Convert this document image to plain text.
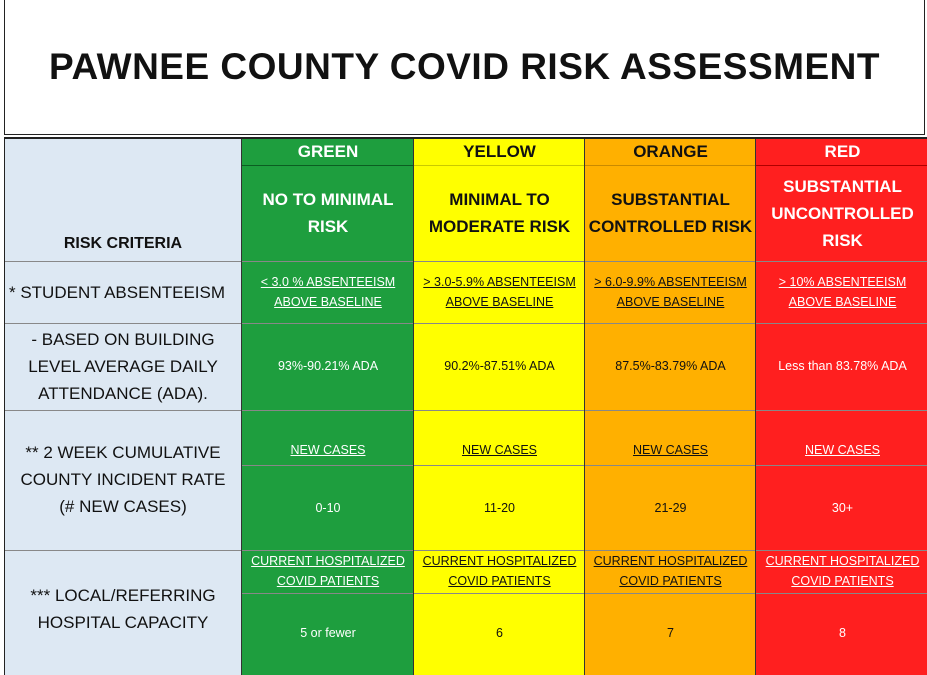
PAWNEE COUNTY COVID RISK ASSESSMENT
RISK CRITERIA
* STUDENT ABSENTEEISM
- BASED ON BUILDING
LEVEL AVERAGE DAILY
ATTENDANCE (ADA).
** 2 WEEK CUMULATIVE
COUNTY INCIDENT RATE
(# NEW CASES)
*** LOCAL/REFERRING
HOSPITAL CAPACITY
GREEN
NO TO MINIMAL
RISK
< 3.0 % ABSENTEEISM
ABOVE BASELINE
93%-90.21% ADA
NEW CASES
0-10
CURRENT HOSPITALIZED
COVID PATIENTS
5 or fewer
YELLOW
MINIMAL TO
MODERATE RISK
> 3.0-5.9% ABSENTEEISM
ABOVE BASELINE
90.2%-87.51% ADA
NEW CASES
11-20
CURRENT HOSPITALIZED
COVID PATIENTS
6
ORANGE
SUBSTANTIAL
CONTROLLED RISK
> 6.0-9.9% ABSENTEEISM
ABOVE BASELINE
87.5%-83.79% ADA
NEW CASES
21-29
CURRENT HOSPITALIZED
COVID PATIENTS
7
RED
SUBSTANTIAL
UNCONTROLLED
RISK
> 10% ABSENTEEISM
ABOVE BASELINE
Less than 83.78% ADA
NEW CASES
30+
CURRENT HOSPITALIZED
COVID PATIENTS
8
